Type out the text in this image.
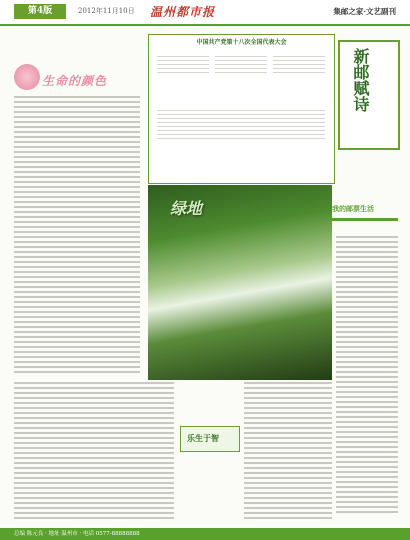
第4版	2012年11月10日 温州都市报	集邮之家·文艺副刊
生命的颜色
中国共产党第十八次全国代表大会
新邮赋诗
我的邮票生活
绿地
乐生于智
总编 陈元良 · 地址 温州市 · 电话 0577-88888888
